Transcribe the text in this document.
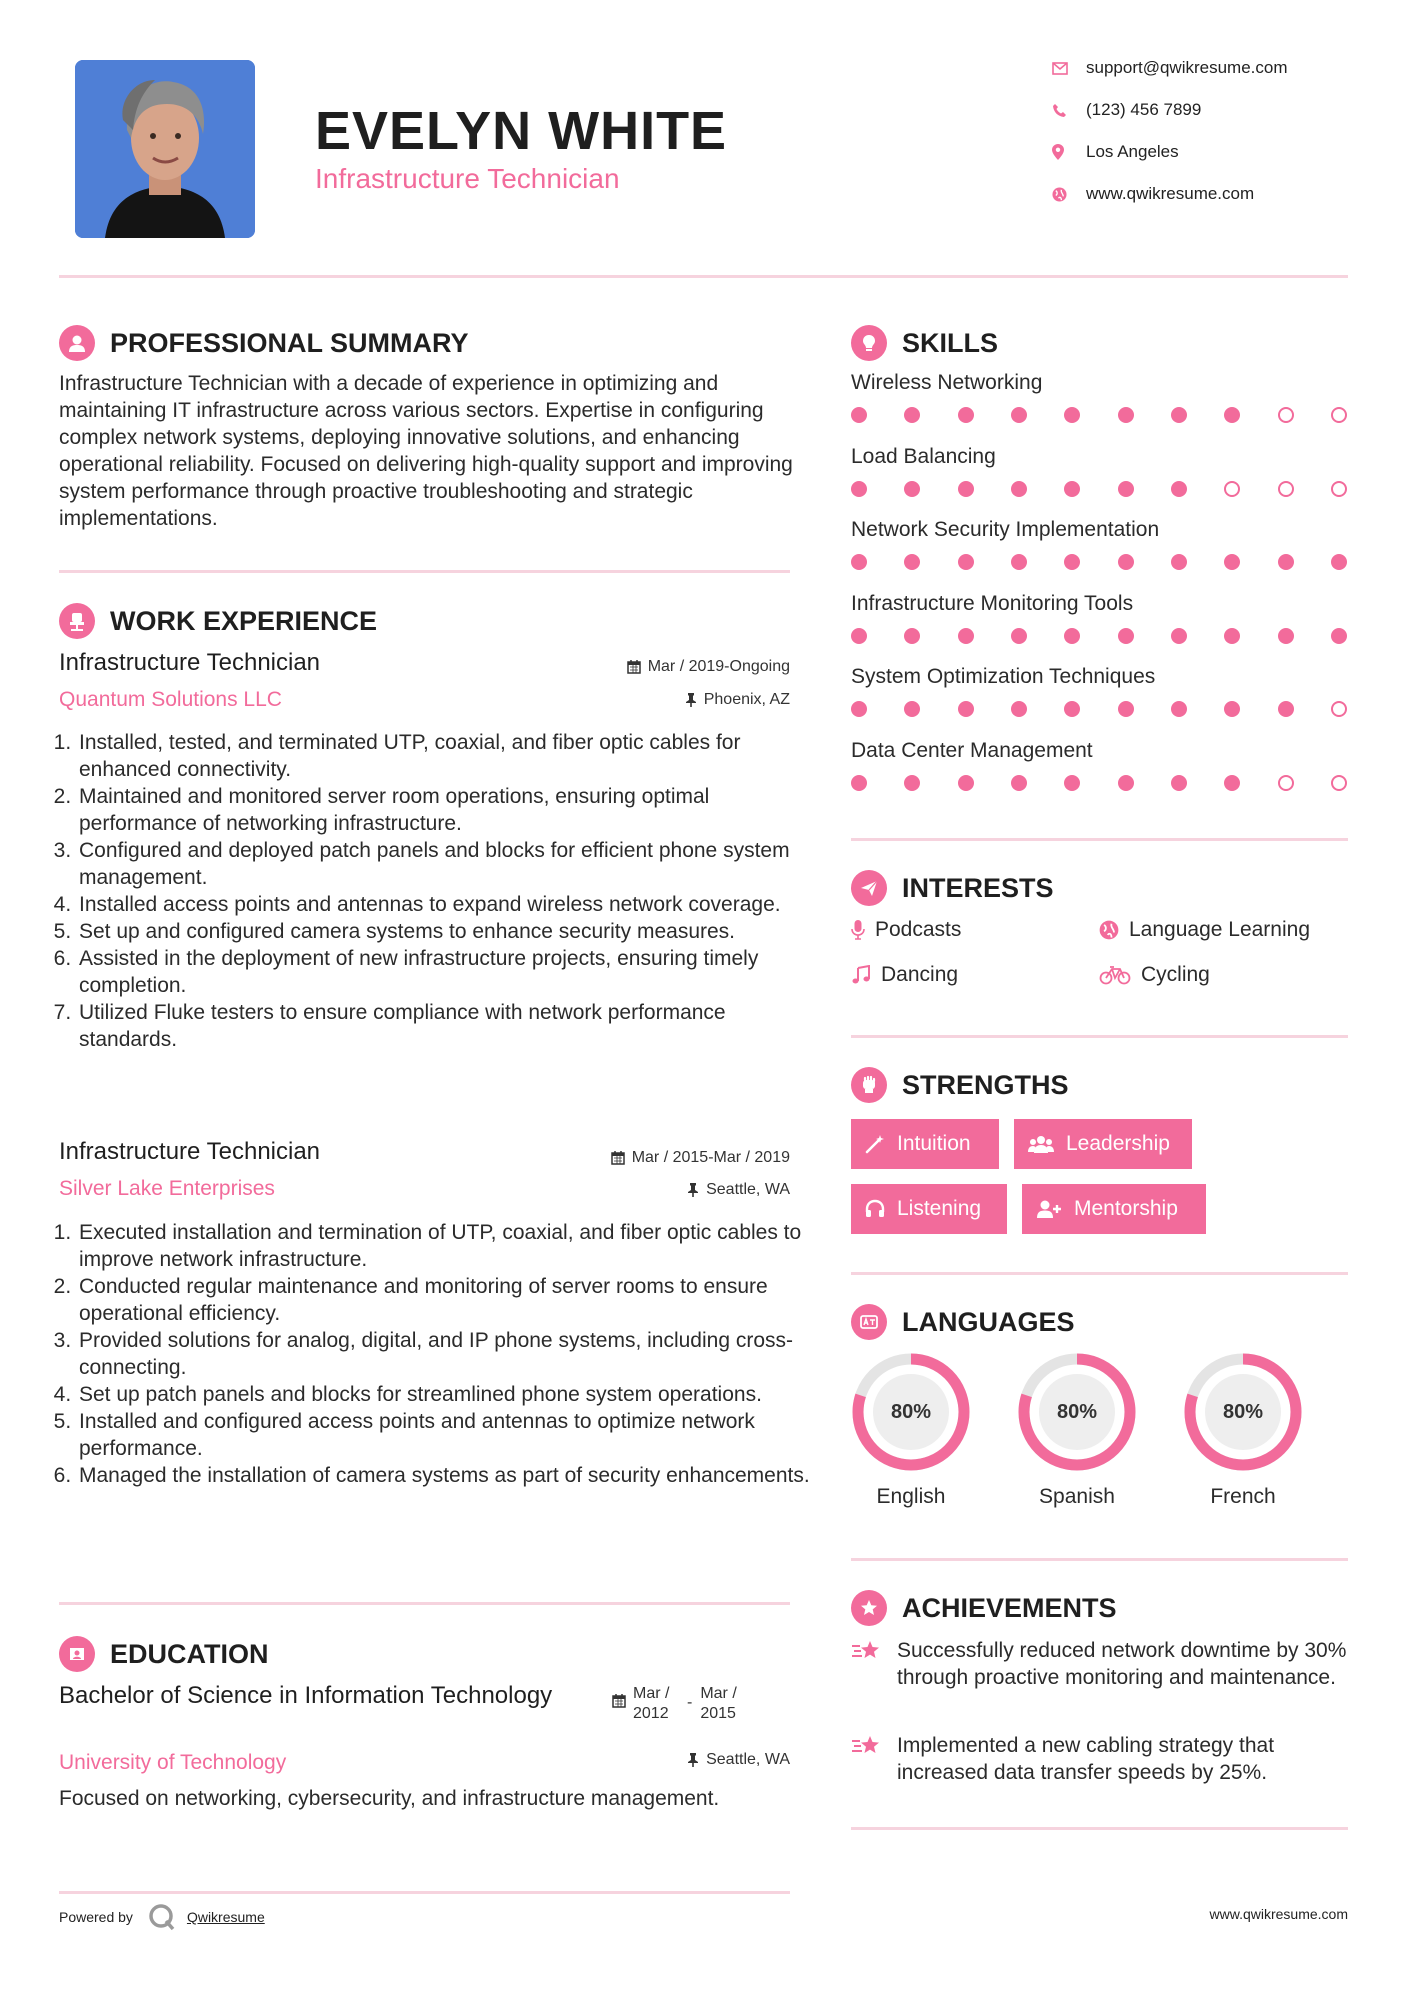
EVELYN WHITE
Infrastructure Technician
support@qwikresume.com
(123) 456 7899
Los Angeles
www.qwikresume.com
PROFESSIONAL SUMMARY
Infrastructure Technician with a decade of experience in optimizing and maintaining IT infrastructure across various sectors. Expertise in configuring complex network systems, deploying innovative solutions, and enhancing operational reliability. Focused on delivering high-quality support and improving system performance through proactive troubleshooting and strategic implementations.
WORK EXPERIENCE
Infrastructure Technician
Quantum Solutions LLC
Mar / 2019-Ongoing
Phoenix, AZ
1. Installed, tested, and terminated UTP, coaxial, and fiber optic cables for enhanced connectivity.
2. Maintained and monitored server room operations, ensuring optimal performance of networking infrastructure.
3. Configured and deployed patch panels and blocks for efficient phone system management.
4. Installed access points and antennas to expand wireless network coverage.
5. Set up and configured camera systems to enhance security measures.
6. Assisted in the deployment of new infrastructure projects, ensuring timely completion.
7. Utilized Fluke testers to ensure compliance with network performance standards.
Infrastructure Technician
Silver Lake Enterprises
Mar / 2015-Mar / 2019
Seattle, WA
1. Executed installation and termination of UTP, coaxial, and fiber optic cables to improve network infrastructure.
2. Conducted regular maintenance and monitoring of server rooms to ensure operational efficiency.
3. Provided solutions for analog, digital, and IP phone systems, including cross-connecting.
4. Set up patch panels and blocks for streamlined phone system operations.
5. Installed and configured access points and antennas to optimize network performance.
6. Managed the installation of camera systems as part of security enhancements.
EDUCATION
Bachelor of Science in Information Technology
University of Technology
Mar / 2012
-
Mar / 2015
Seattle, WA
Focused on networking, cybersecurity, and infrastructure management.
SKILLS
Wireless Networking
Load Balancing
Network Security Implementation
Infrastructure Monitoring Tools
System Optimization Techniques
Data Center Management
INTERESTS
Podcasts	Language Learning
Dancing	Cycling
STRENGTHS
Intuition	Leadership
Listening	Mentorship
LANGUAGES
80%
English
80%
Spanish
80%
French
ACHIEVEMENTS
Successfully reduced network downtime by 30% through proactive monitoring and maintenance.
Implemented a new cabling strategy that increased data transfer speeds by 25%.
Powered by	Qwikresume	www.qwikresume.com
